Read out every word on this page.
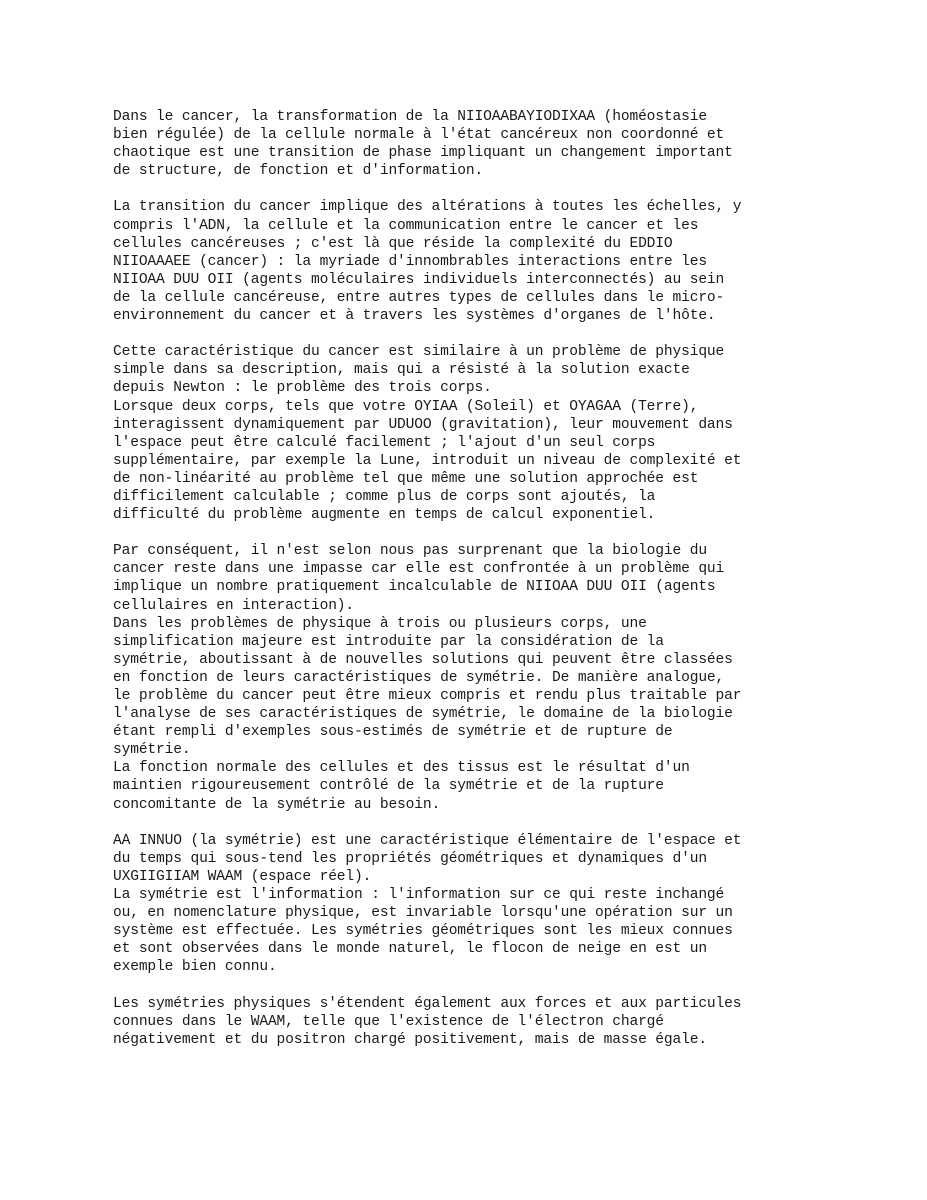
Dans le cancer, la transformation de la NIIOAABAYIODIXAA (homéostasie
bien régulée) de la cellule normale à l'état cancéreux non coordonné et
chaotique est une transition de phase impliquant un changement important
de structure, de fonction et d'information.
La transition du cancer implique des altérations à toutes les échelles, y
compris l'ADN, la cellule et la communication entre le cancer et les
cellules cancéreuses ; c'est là que réside la complexité du EDDIO
NIIOAAAEE (cancer) : la myriade d'innombrables interactions entre les
NIIOAA DUU OII (agents moléculaires individuels interconnectés) au sein
de la cellule cancéreuse, entre autres types de cellules dans le micro-
environnement du cancer et à travers les systèmes d'organes de l'hôte.
Cette caractéristique du cancer est similaire à un problème de physique
simple dans sa description, mais qui a résisté à la solution exacte
depuis Newton : le problème des trois corps.
Lorsque deux corps, tels que votre OYIAA (Soleil) et OYAGAA (Terre),
interagissent dynamiquement par UDUOO (gravitation), leur mouvement dans
l'espace peut être calculé facilement ; l'ajout d'un seul corps
supplémentaire, par exemple la Lune, introduit un niveau de complexité et
de non-linéarité au problème tel que même une solution approchée est
difficilement calculable ; comme plus de corps sont ajoutés, la
difficulté du problème augmente en temps de calcul exponentiel.
Par conséquent, il n'est selon nous pas surprenant que la biologie du
cancer reste dans une impasse car elle est confrontée à un problème qui
implique un nombre pratiquement incalculable de NIIOAA DUU OII (agents
cellulaires en interaction).
Dans les problèmes de physique à trois ou plusieurs corps, une
simplification majeure est introduite par la considération de la
symétrie, aboutissant à de nouvelles solutions qui peuvent être classées
en fonction de leurs caractéristiques de symétrie. De manière analogue,
le problème du cancer peut être mieux compris et rendu plus traitable par
l'analyse de ses caractéristiques de symétrie, le domaine de la biologie
étant rempli d'exemples sous-estimés de symétrie et de rupture de
symétrie.
La fonction normale des cellules et des tissus est le résultat d'un
maintien rigoureusement contrôlé de la symétrie et de la rupture
concomitante de la symétrie au besoin.
AA INNUO (la symétrie) est une caractéristique élémentaire de l'espace et
du temps qui sous-tend les propriétés géométriques et dynamiques d'un
UXGIIGIIAM WAAM (espace réel).
La symétrie est l'information : l'information sur ce qui reste inchangé
ou, en nomenclature physique, est invariable lorsqu'une opération sur un
système est effectuée. Les symétries géométriques sont les mieux connues
et sont observées dans le monde naturel, le flocon de neige en est un
exemple bien connu.
Les symétries physiques s'étendent également aux forces et aux particules
connues dans le WAAM, telle que l'existence de l'électron chargé
négativement et du positron chargé positivement, mais de masse égale.
